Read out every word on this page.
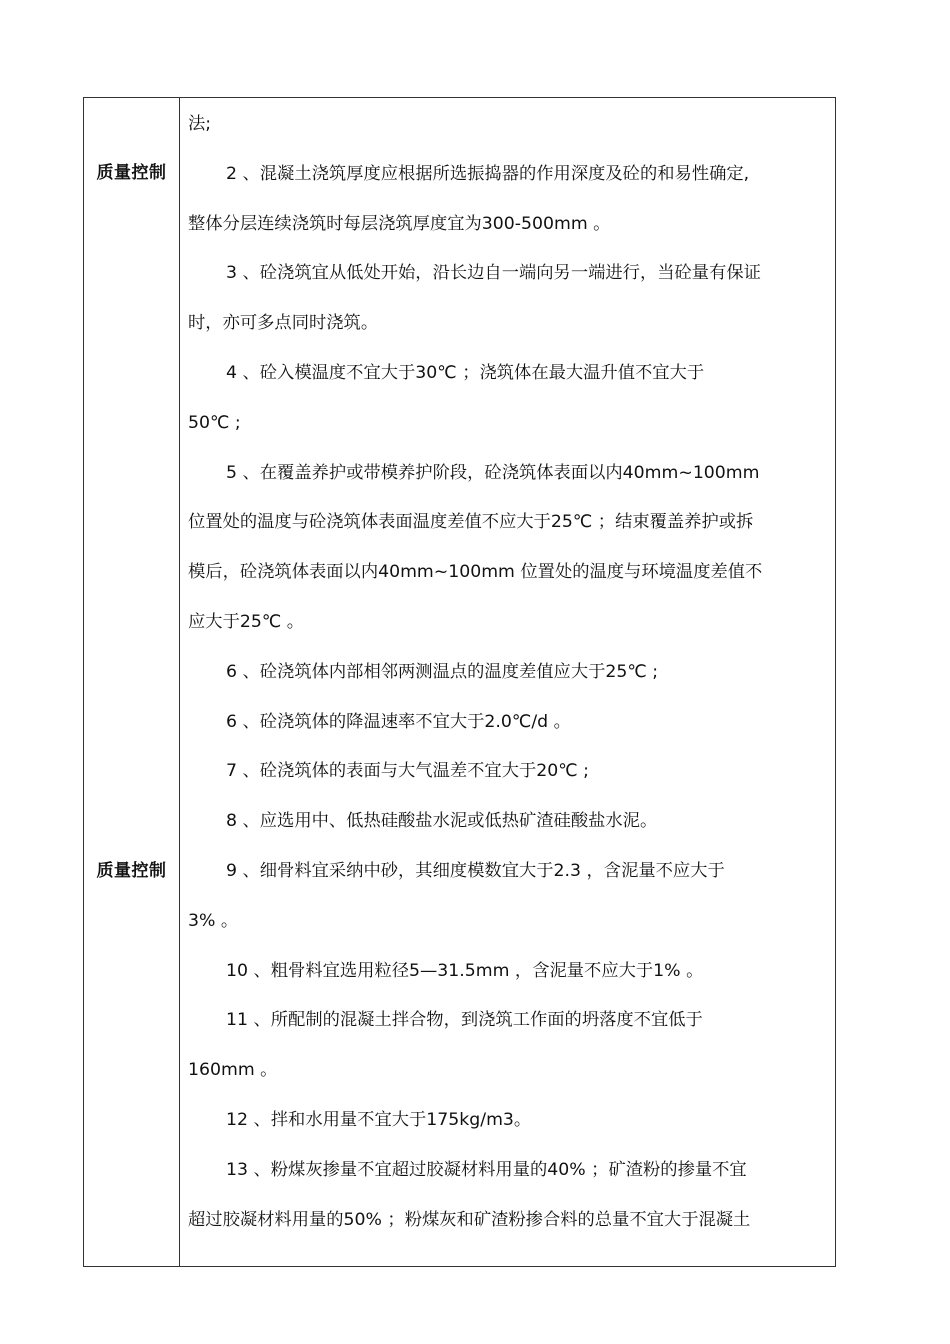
质量控制
质量控制
法;
2 、混凝土浇筑厚度应根据所选振捣器的作用深度及砼的和易性确定,
整体分层连续浇筑时每层浇筑厚度宜为300-500mm 。
3 、砼浇筑宜从低处开始，沿长边自一端向另一端进行，当砼量有保证
时，亦可多点同时浇筑。
4 、砼入模温度不宜大于30℃ ；浇筑体在最大温升值不宜大于
50℃ ;
5 、在覆盖养护或带模养护阶段，砼浇筑体表面以内40mm~100mm
位置处的温度与砼浇筑体表面温度差值不应大于25℃ ；结束覆盖养护或拆
模后，砼浇筑体表面以内40mm~100mm 位置处的温度与环境温度差值不
应大于25℃ 。
6 、砼浇筑体内部相邻两测温点的温度差值应大于25℃ ;
6 、砼浇筑体的降温速率不宜大于2.0℃/d 。
7 、砼浇筑体的表面与大气温差不宜大于20℃ ;
8 、应选用中、低热硅酸盐水泥或低热矿渣硅酸盐水泥。
9 、细骨料宜采纳中砂，其细度模数宜大于2.3 ，含泥量不应大于
3% 。
10 、粗骨料宜选用粒径5—31.5mm ，含泥量不应大于1% 。
11 、所配制的混凝土拌合物，到浇筑工作面的坍落度不宜低于
160mm 。
12 、拌和水用量不宜大于175kg/m3。
13 、粉煤灰掺量不宜超过胶凝材料用量的40% ；矿渣粉的掺量不宜
超过胶凝材料用量的50% ；粉煤灰和矿渣粉掺合料的总量不宜大于混凝土
